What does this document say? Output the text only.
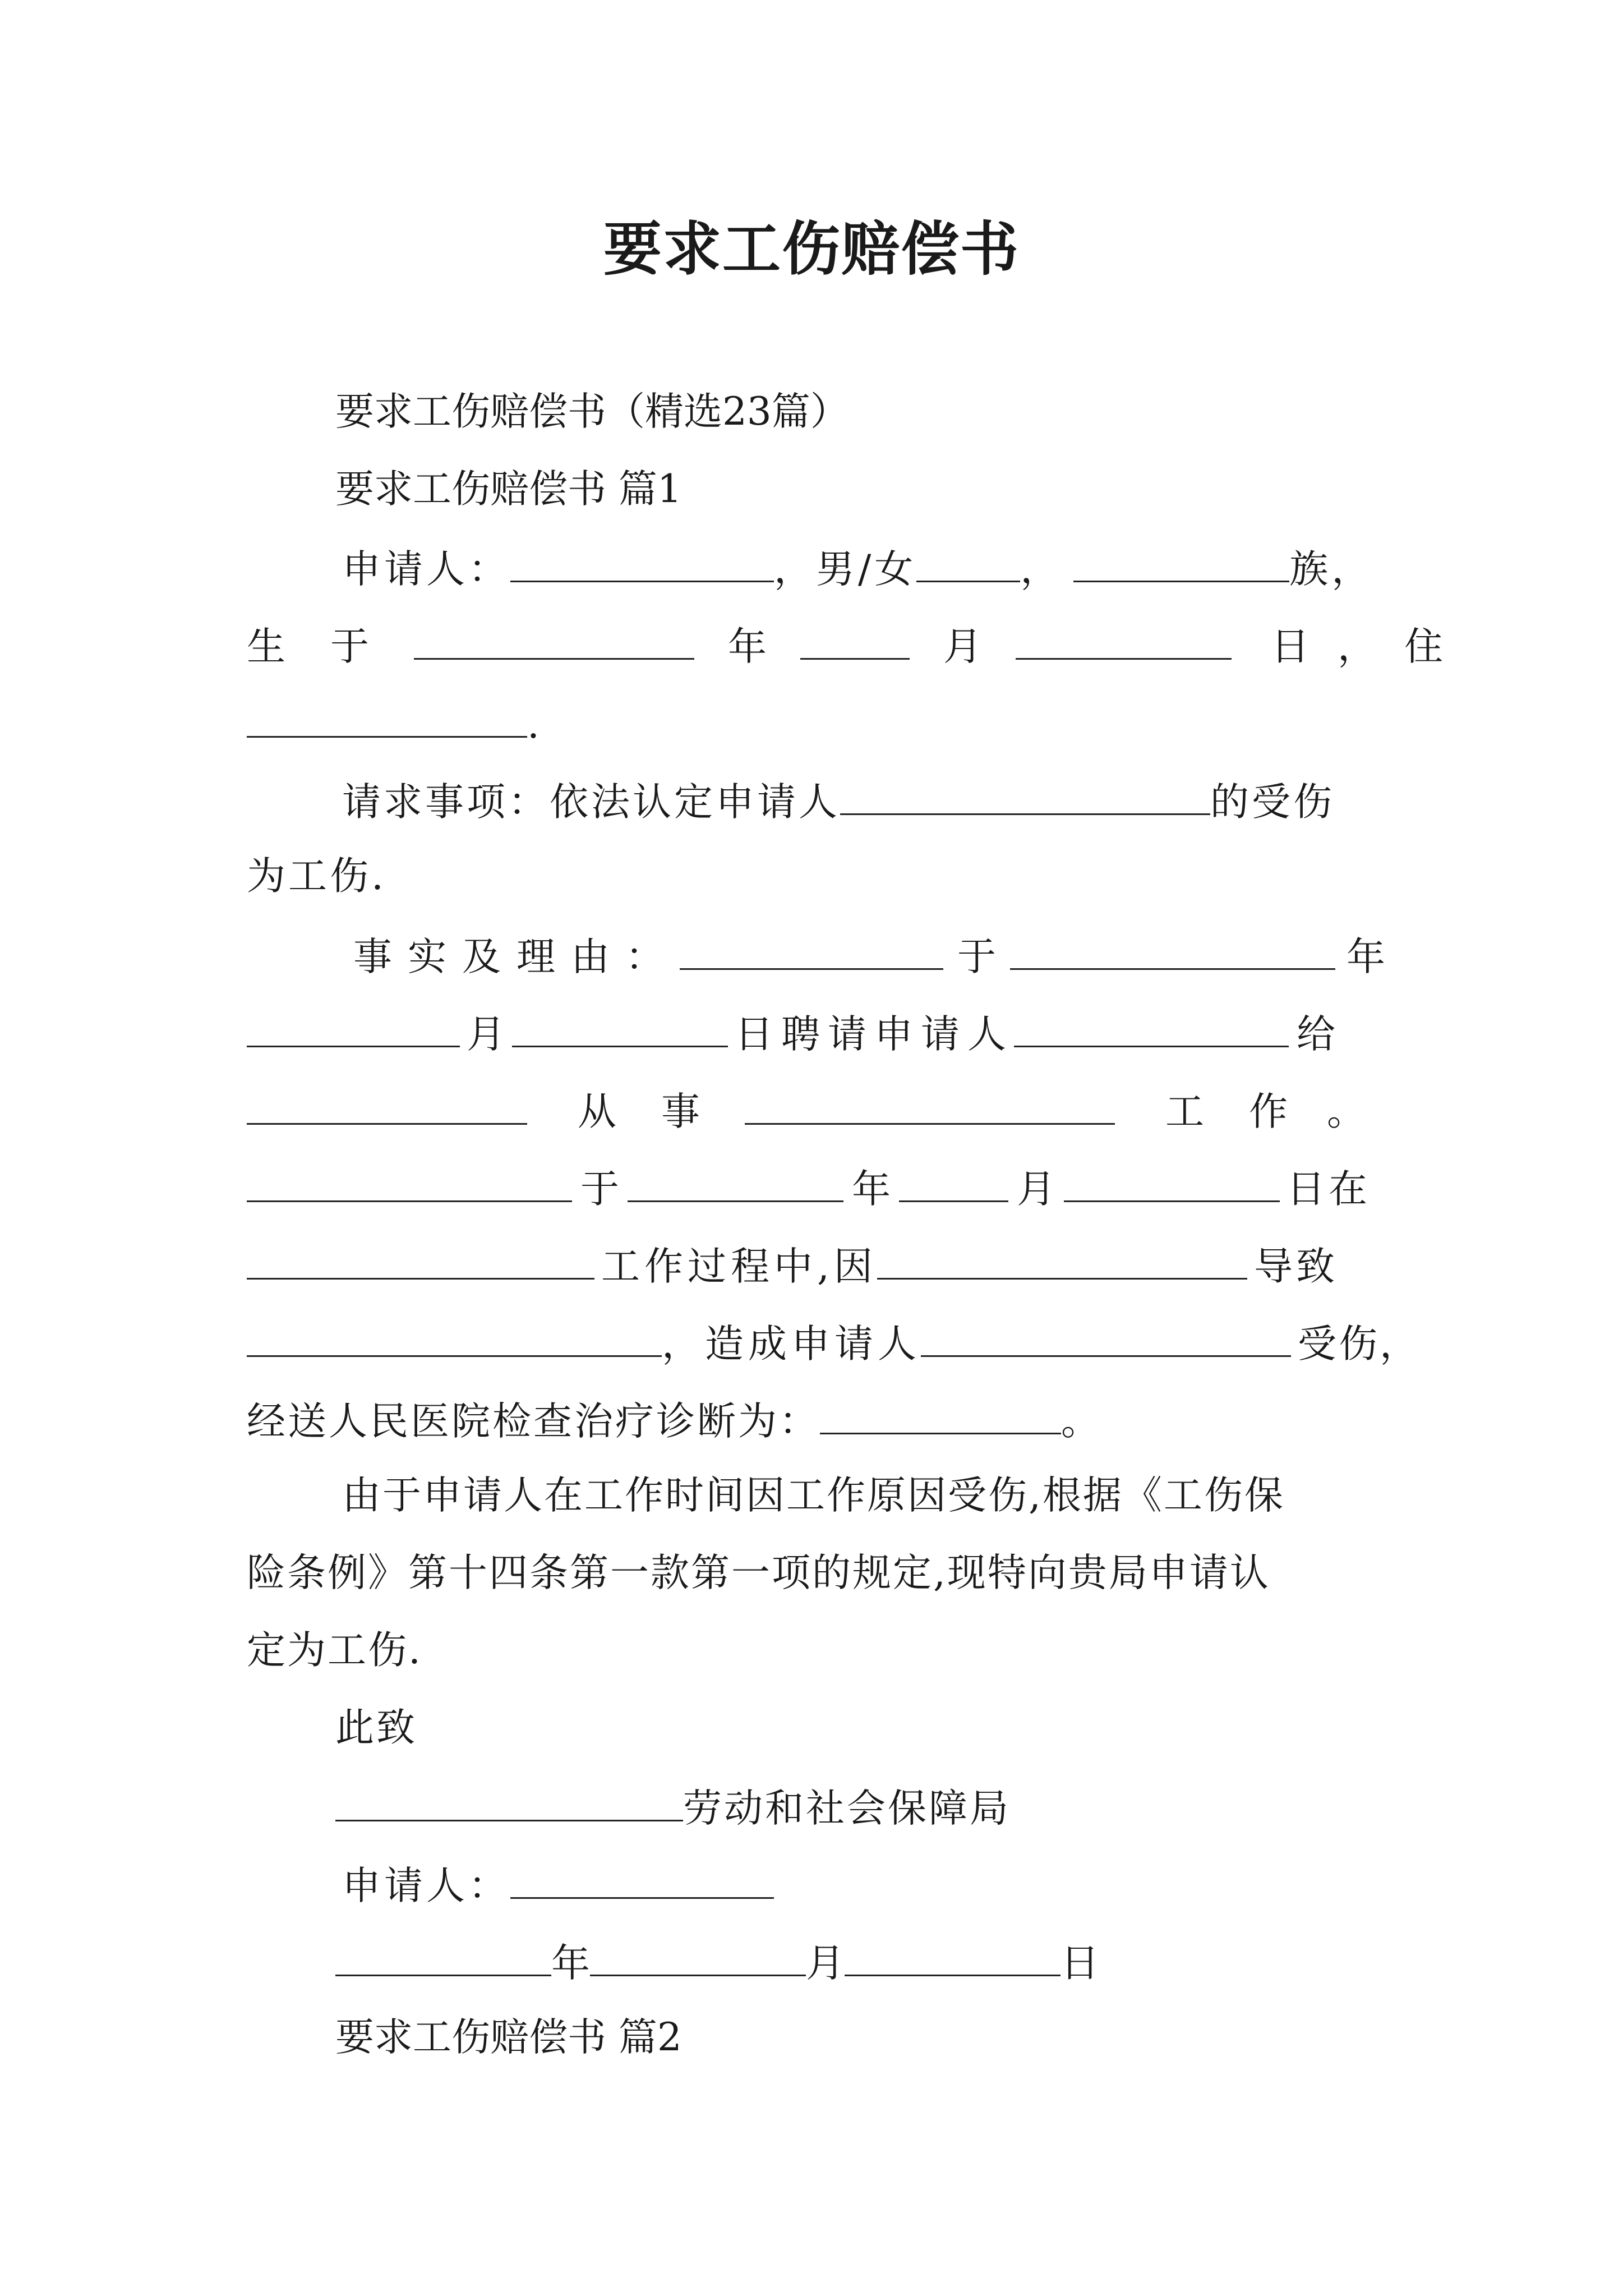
要求工伤赔偿书
要求工伤赔偿书（精选23篇）
要求工伤赔偿书 篇1
申请人：	，男/女	，	族，
生 于	年	月	日 ， 住
.
请求事项：依法认定申请人	的受伤
为工伤.
事实及理由：	于	年
月	日聘请申请人	给
从 事	工 作 。
于	年	月	日在
工作过程中,因	导致
，造成申请人	受伤，
经送人民医院检查治疗诊断为：	。
由于申请人在工作时间因工作原因受伤,根据《工伤保
险条例》第十四条第一款第一项的规定,现特向贵局申请认
定为工伤.
此致
劳动和社会保障局
申请人：
年	月	日
要求工伤赔偿书 篇2
